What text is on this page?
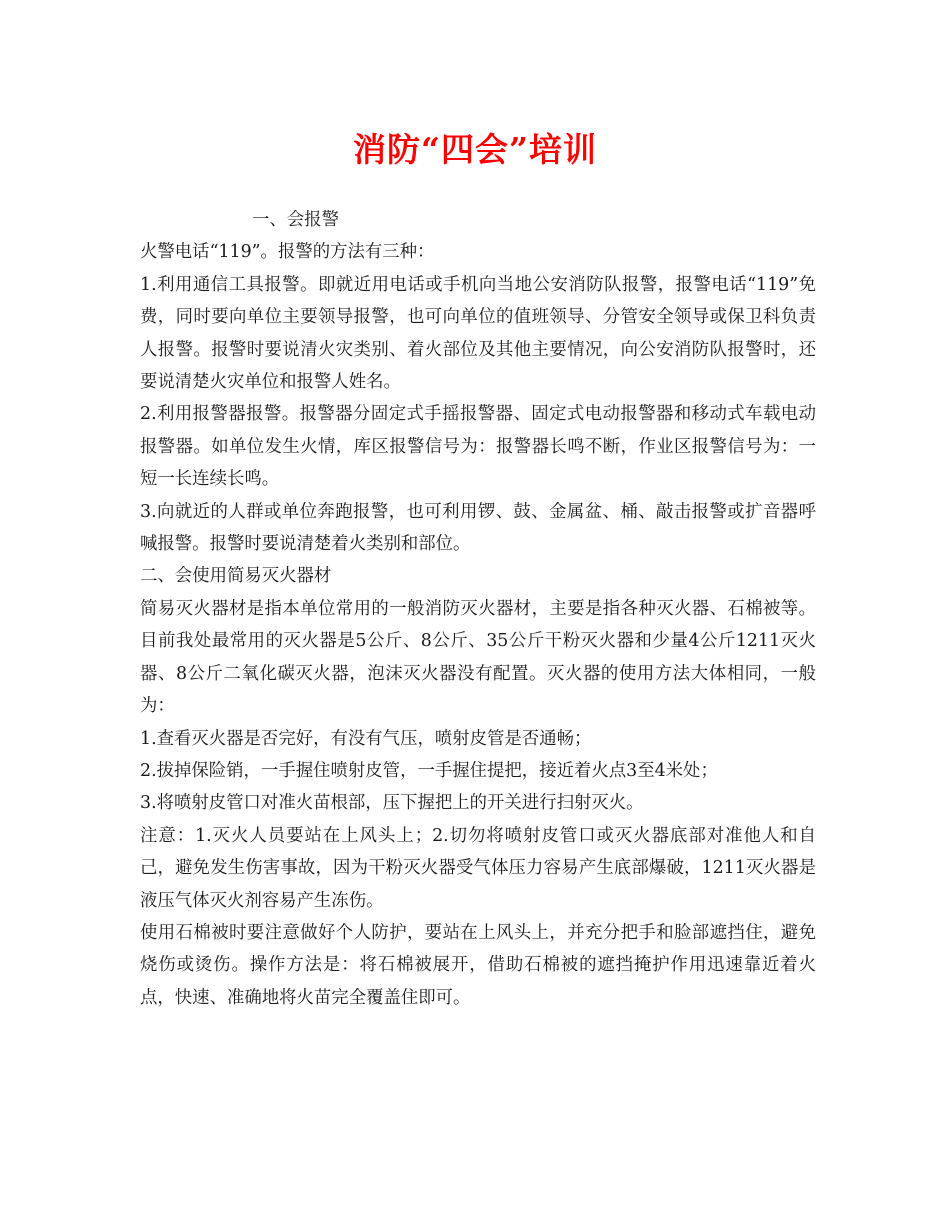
消防“四会”培训

一、会报警

火警电话“119”。报警的方法有三种：

1.利用通信工具报警。即就近用电话或手机向当地公安消防队报警，报警电话“119”免费，同时要向单位主要领导报警，也可向单位的值班领导、分管安全领导或保卫科负责人报警。报警时要说清火灾类别、着火部位及其他主要情况，向公安消防队报警时，还要说清楚火灾单位和报警人姓名。

2.利用报警器报警。报警器分固定式手摇报警器、固定式电动报警器和移动式车载电动报警器。如单位发生火情，库区报警信号为：报警器长鸣不断，作业区报警信号为：一短一长连续长鸣。

3.向就近的人群或单位奔跑报警，也可利用锣、鼓、金属盆、桶、敲击报警或扩音器呼喊报警。报警时要说清楚着火类别和部位。

二、会使用简易灭火器材

简易灭火器材是指本单位常用的一般消防灭火器材，主要是指各种灭火器、石棉被等。目前我处最常用的灭火器是5公斤、8公斤、35公斤干粉灭火器和少量4公斤1211灭火器、8公斤二氧化碳灭火器，泡沫灭火器没有配置。灭火器的使用方法大体相同，一般为：

1.查看灭火器是否完好，有没有气压，喷射皮管是否通畅；

2.拔掉保险销，一手握住喷射皮管，一手握住提把，接近着火点3至4米处；

3.将喷射皮管口对准火苗根部，压下握把上的开关进行扫射灭火。

注意：1.灭火人员要站在上风头上；2.切勿将喷射皮管口或灭火器底部对准他人和自己，避免发生伤害事故，因为干粉灭火器受气体压力容易产生底部爆破，1211灭火器是液压气体灭火剂容易产生冻伤。

使用石棉被时要注意做好个人防护，要站在上风头上，并充分把手和脸部遮挡住，避免烧伤或烫伤。操作方法是：将石棉被展开，借助石棉被的遮挡掩护作用迅速靠近着火点，快速、准确地将火苗完全覆盖住即可。
